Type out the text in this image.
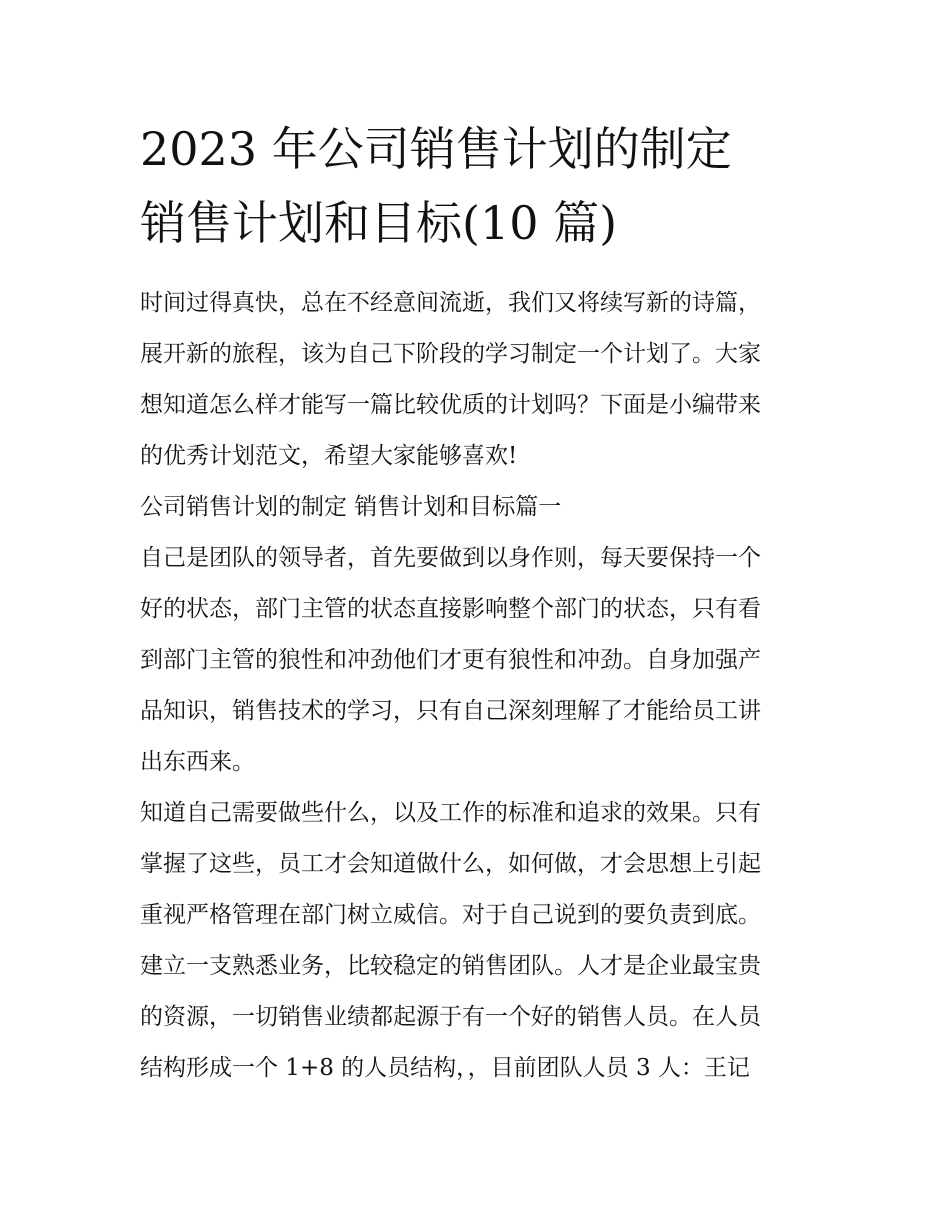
2023 年公司销售计划的制定
销售计划和目标(10 篇)
时间过得真快，总在不经意间流逝，我们又将续写新的诗篇，
展开新的旅程，该为自己下阶段的学习制定一个计划了。大家
想知道怎么样才能写一篇比较优质的计划吗？下面是小编带来
的优秀计划范文，希望大家能够喜欢!
公司销售计划的制定 销售计划和目标篇一
自己是团队的领导者，首先要做到以身作则，每天要保持一个
好的状态，部门主管的状态直接影响整个部门的状态，只有看
到部门主管的狼性和冲劲他们才更有狼性和冲劲。自身加强产
品知识，销售技术的学习，只有自己深刻理解了才能给员工讲
出东西来。
知道自己需要做些什么，以及工作的标准和追求的效果。只有
掌握了这些，员工才会知道做什么，如何做，才会思想上引起
重视严格管理在部门树立威信。对于自己说到的要负责到底。
建立一支熟悉业务，比较稳定的销售团队。人才是企业最宝贵
的资源，一切销售业绩都起源于有一个好的销售人员。在人员
结构形成一个 1+8 的人员结构，，目前团队人员 3 人：王记
